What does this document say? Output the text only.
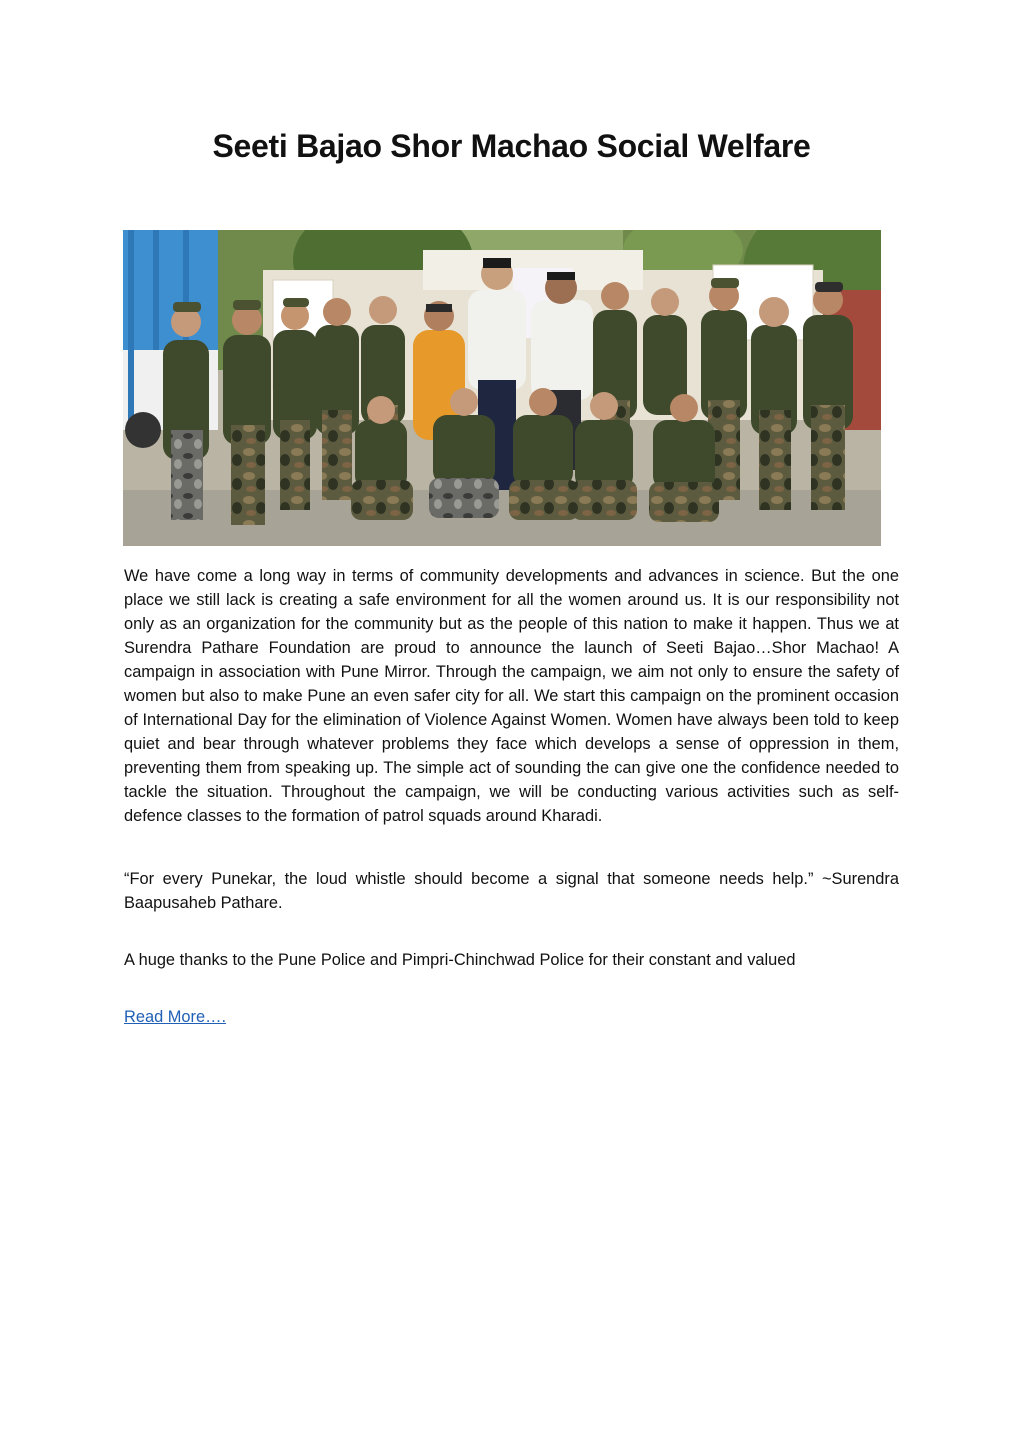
Seeti Bajao Shor Machao Social Welfare

We have come a long way in terms of community developments and advances in science. But the one place we still lack is creating a safe environment for all the women around us. It is our responsibility not only as an organization for the community but as the people of this nation to make it happen. Thus we at Surendra Pathare Foundation are proud to announce the launch of Seeti Bajao…Shor Machao! A campaign in association with Pune Mirror. Through the campaign, we aim not only to ensure the safety of women but also to make Pune an even safer city for all. We start this campaign on the prominent occasion of International Day for the elimination of Violence Against Women. Women have always been told to keep quiet and bear through whatever problems they face which develops a sense of oppression in them, preventing them from speaking up. The simple act of sounding the can give one the confidence needed to tackle the situation. Throughout the campaign, we will be conducting various activities such as self-defence classes to the formation of patrol squads around Kharadi.

“For every Punekar, the loud whistle should become a signal that someone needs help.” ~Surendra Baapusaheb Pathare.

A huge thanks to the Pune Police and Pimpri-Chinchwad Police for their constant and valued

Read More….
